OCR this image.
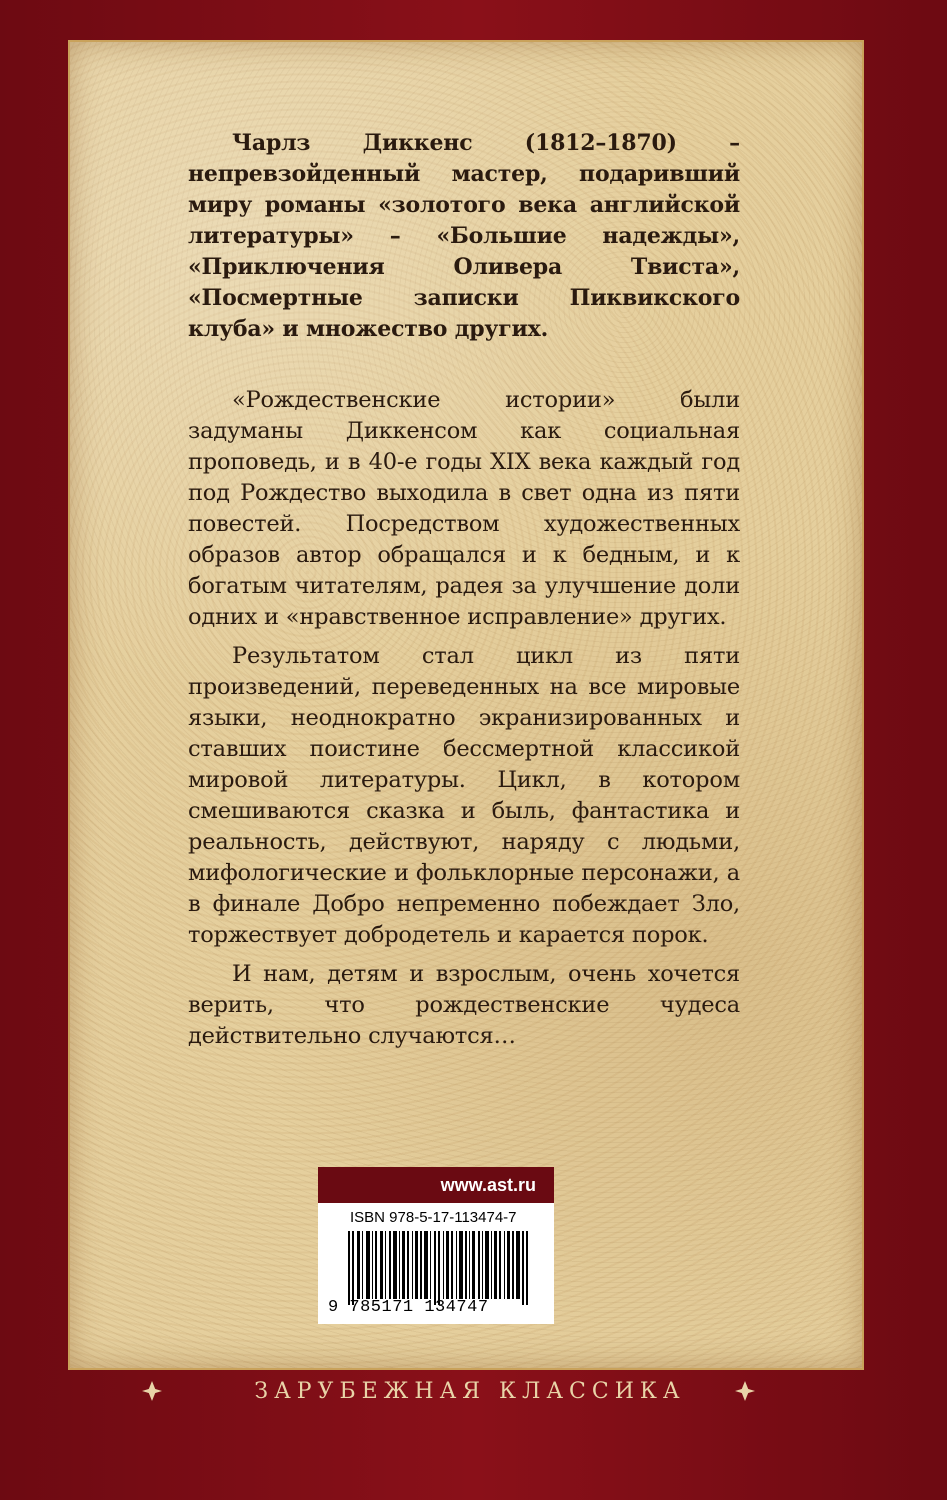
Чарлз Диккенс (1812–1870) – непревзойденный мастер, подаривший миру романы «золотого века английской литературы» – «Большие надежды», «Приключения Оливера Твиста», «Посмертные записки Пиквикского клуба» и множество других.

«Рождественские истории» были задуманы Диккенсом как социальная проповедь, и в 40-е годы XIX века каждый год под Рождество выходила в свет одна из пяти повестей. Посредством художественных образов автор обращался и к бедным, и к богатым читателям, радея за улучшение доли одних и «нравственное исправление» других.

Результатом стал цикл из пяти произведений, переведенных на все мировые языки, неоднократно экранизированных и ставших поистине бессмертной классикой мировой литературы. Цикл, в котором смешиваются сказка и быль, фантастика и реальность, действуют, наряду с людьми, мифологические и фольклорные персонажи, а в финале Добро непременно побеждает Зло, торжествует добродетель и карается порок.

И нам, детям и взрослым, очень хочется верить, что рождественские чудеса действительно случаются…

www.ast.ru
ISBN 978-5-17-113474-7
9 785171 134747
ЗАРУБЕЖНАЯ КЛАССИКА
